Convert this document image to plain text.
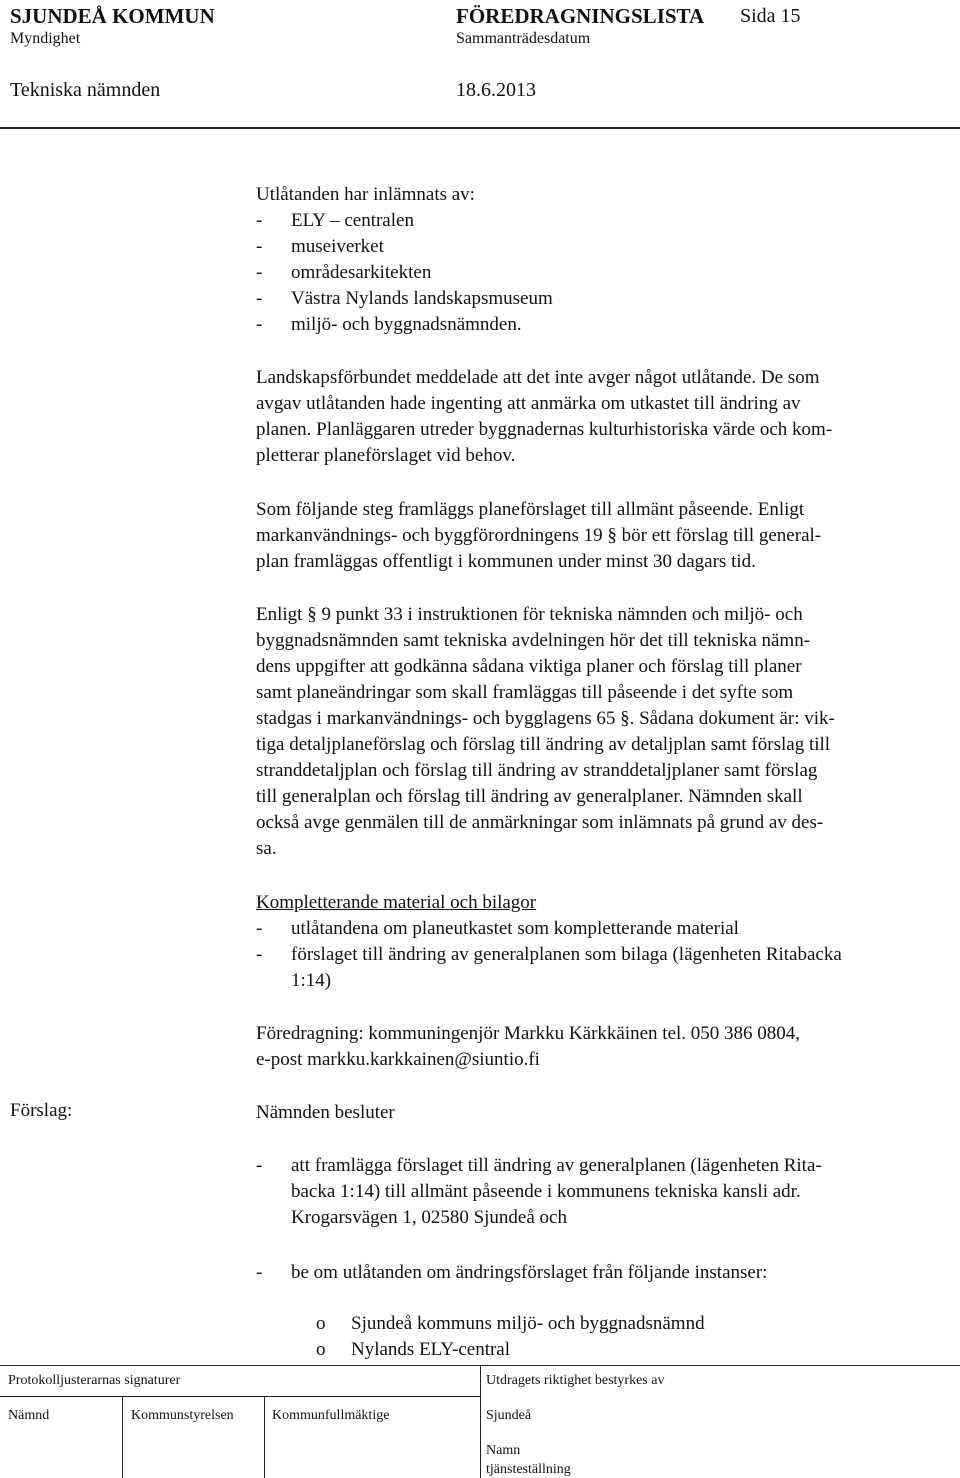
SJUNDEÅ KOMMUN	FÖREDRAGNINGSLISTA Sida 15
Myndighet	Sammanträdesdatum
Tekniska nämnden	18.6.2013

Utlåtanden har inlämnats av:

- ELY – centralen
- museiverket
- områdesarkitekten
- Västra Nylands landskapsmuseum
- miljö- och byggnadsnämnden.

Landskapsförbundet meddelade att det inte avger något utlåtande. De som
avgav utlåtanden hade ingenting att anmärka om utkastet till ändring av
planen. Planläggaren utreder byggnadernas kulturhistoriska värde och kom-
pletterar planeförslaget vid behov.

Som följande steg framläggs planeförslaget till allmänt påseende. Enligt
markanvändnings- och byggförordningens 19 § bör ett förslag till general-
plan framläggas offentligt i kommunen under minst 30 dagars tid.

Enligt § 9 punkt 33 i instruktionen för tekniska nämnden och miljö- och
byggnadsnämnden samt tekniska avdelningen hör det till tekniska nämn-
dens uppgifter att godkänna sådana viktiga planer och förslag till planer
samt planeändringar som skall framläggas till påseende i det syfte som
stadgas i markanvändnings- och bygglagens 65 §. Sådana dokument är: vik-
tiga detaljplaneförslag och förslag till ändring av detaljplan samt förslag till
stranddetaljplan och förslag till ändring av stranddetaljplaner samt förslag
till generalplan och förslag till ändring av generalplaner. Nämnden skall
också avge genmälen till de anmärkningar som inlämnats på grund av des-
sa.

Kompletterande material och bilagor

- utlåtandena om planeutkastet som kompletterande material
- förslaget till ändring av generalplanen som bilaga (lägenheten Ritabacka
1:14)

Föredragning: kommuningenjör Markku Kärkkäinen tel. 050 386 0804,
e-post markku.karkkainen@siuntio.fi

Förslag:	Nämnden besluter

- att framlägga förslaget till ändring av generalplanen (lägenheten Rita-
backa 1:14) till allmänt påseende i kommunens tekniska kansli adr.
Krogarsvägen 1, 02580 Sjundeå och
- be om utlåtanden om ändringsförslaget från följande instanser:
o Sjundeå kommuns miljö- och byggnadsnämnd
o Nylands ELY-central
Protokolljusterarnas signaturer	Utdragets riktighet bestyrkes av
Nämnd	Kommunstyrelsen	Kommunfullmäktige	Sjundeå
Namn
tjänsteställning
